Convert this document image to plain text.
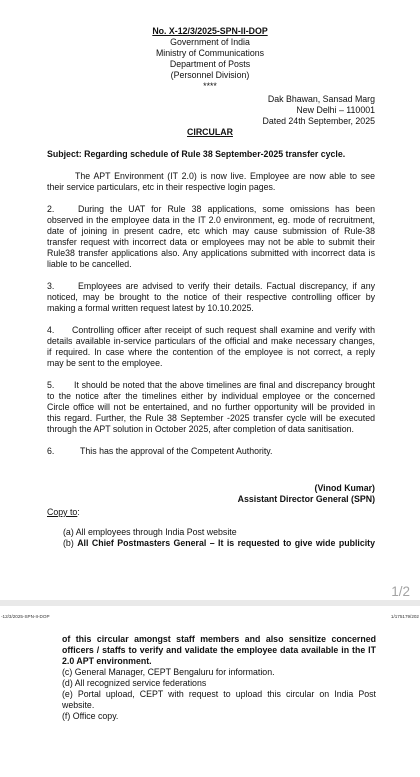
No. X-12/3/2025-SPN-II-DOP
Government of India
Ministry of Communications
Department of Posts
(Personnel Division)
****
Dak Bhawan, Sansad Marg
New Delhi – 110001
Dated 24th September, 2025
CIRCULAR
Subject: Regarding schedule of Rule 38 September-2025 transfer cycle.
The APT Environment (IT 2.0) is now live. Employee are now able to see
their service particulars, etc in their respective login pages.
2.	During the UAT for Rule 38 applications, some omissions has been
observed in the employee data in the IT 2.0 environment, eg. mode of recruitment,
date of joining in present cadre, etc which may cause submission of Rule-38
transfer request with incorrect data or employees may not be able to submit their
Rule38 transfer applications also. Any applications submitted with incorrect data is
liable to be cancelled.
3.	Employees are advised to verify their details. Factual discrepancy, if any
noticed, may be brought to the notice of their respective controlling officer by
making a formal written request latest by 10.10.2025.
4. Controlling officer after receipt of such request shall examine and verify with
details available in-service particulars of the official and make necessary changes,
if required. In case where the contention of the employee is not correct, a reply
may be sent to the employee.
5. It should be noted that the above timelines are final and discrepancy brought
to the notice after the timelines either by individual employee or the concerned
Circle office will not be entertained, and no further opportunity will be provided in
this regard. Further, the Rule 38 September -2025 transfer cycle will be executed
through the APT solution in October 2025, after completion of data sanitisation.
6.	This has the approval of the Competent Authority.
(Vinod Kumar)
Assistant Director General (SPN)
Copy to:
(a) All employees through India Post website
(b) All Chief Postmasters General – It is requested to give wide publicity
-12/3/2025-SPN-II-DOP	1/175179/202
of this circular amongst staff members and also sensitize concerned
officers / staffs to verify and validate the employee data available in the IT
2.0 APT environment.
(c) General Manager, CEPT Bengaluru for information.
(d) All recognized service federations
(e) Portal upload, CEPT with request to upload this circular on India Post
website.
(f) Office copy.
1/2
